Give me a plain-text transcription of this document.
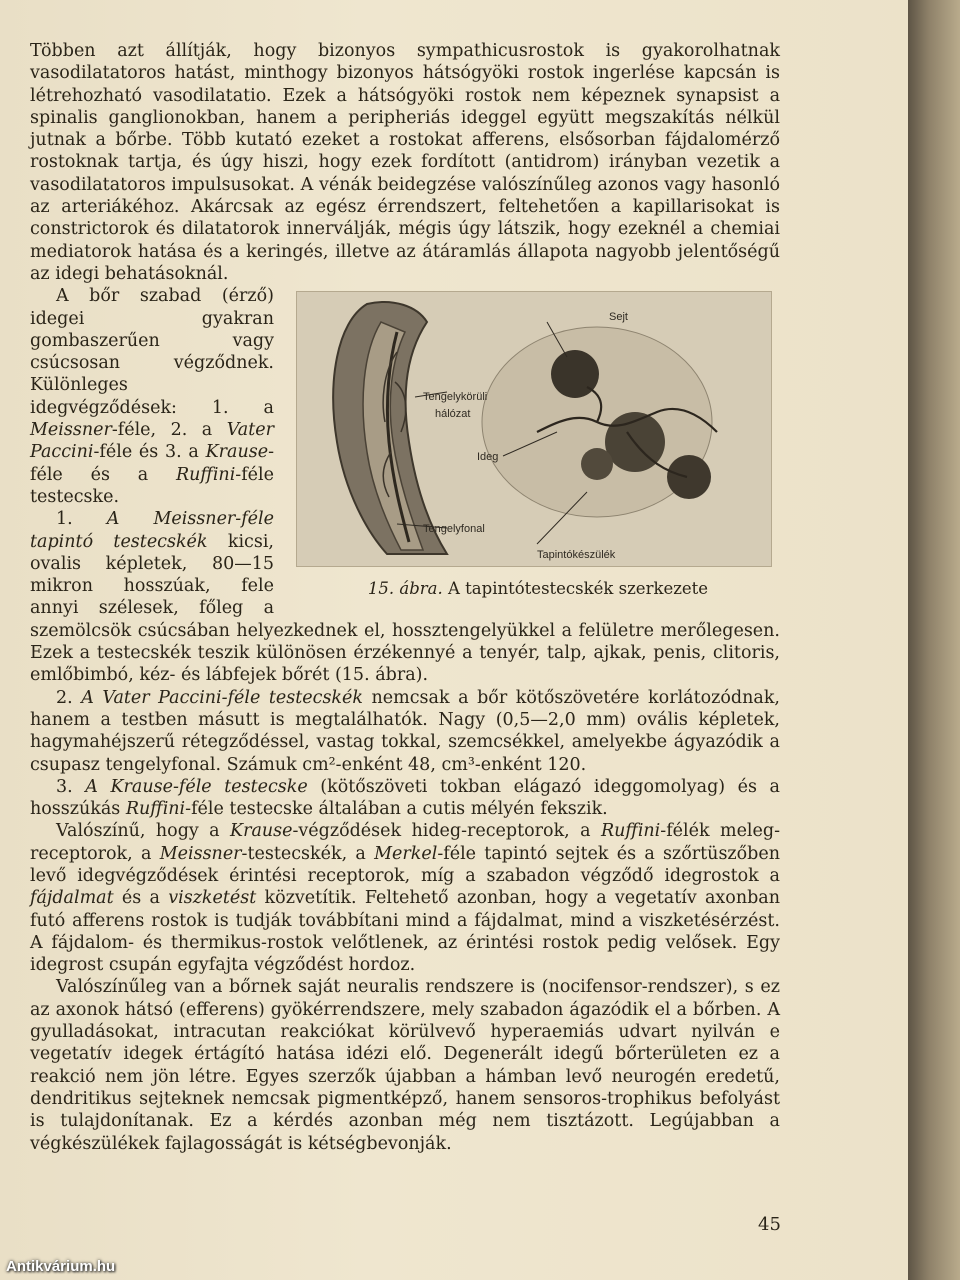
Többen azt állítják, hogy bizonyos sympathicusrostok is gyakorolhatnak vasodilatatoros hatást, minthogy bizonyos hátsógyöki rostok ingerlése kapcsán is létrehozható vasodilatatio. Ezek a hátsógyöki rostok nem képeznek synapsist a spinalis ganglionokban, hanem a peripheriás ideggel együtt megszakítás nélkül jutnak a bőrbe. Több kutató ezeket a rostokat afferens, elsősorban fájdalomérző rostoknak tartja, és úgy hiszi, hogy ezek fordított (antidrom) irányban vezetik a vasodilatatoros impulsusokat. A vénák beidegzése valószínűleg azonos vagy hasonló az arteriákéhoz. Akárcsak az egész érrendszert, feltehetően a kapillarisokat is constrictorok és dilatatorok innerválják, mégis úgy látszik, hogy ezeknél a chemiai mediatorok hatása és a keringés, illetve az átáramlás állapota nagyobb jelentőségű az idegi behatásoknál.

Sejt
Tengelykörüli
hálózat
Ideg
Tengelyfonal
Tapintókészülék
15. ábra. A tapintótestecskék szerkezete

A bőr szabad (érző) idegei gyakran gombaszerűen vagy csúcsosan végződnek. Különleges idegvégződések: 1. a Meissner-féle, 2. a Vater Paccini-féle és 3. a Krause-féle és a Ruffini-féle testecske.

1. A Meissner-féle tapintó testecskék kicsi, ovalis képletek, 80—15 mikron hosszúak, fele annyi szélesek, főleg a szemölcsök csúcsában helyezkednek el, hossztengelyükkel a felületre merőlegesen. Ezek a testecskék teszik különösen érzékennyé a tenyér, talp, ajkak, penis, clitoris, emlőbimbó, kéz- és lábfejek bőrét (15. ábra).

2. A Vater Paccini-féle testecskék nemcsak a bőr kötőszövetére korlátozódnak, hanem a testben másutt is megtalálhatók. Nagy (0,5—2,0 mm) ovális képletek, hagymahéjszerű rétegződéssel, vastag tokkal, szemcsékkel, amelyekbe ágyazódik a csupasz tengelyfonal. Számuk cm²-enként 48, cm³-enként 120.

3. A Krause-féle testecske (kötőszöveti tokban elágazó ideggomolyag) és a hosszúkás Ruffini-féle testecske általában a cutis mélyén fekszik.

Valószínű, hogy a Krause-végződések hideg-receptorok, a Ruffini-félék meleg-receptorok, a Meissner-testecskék, a Merkel-féle tapintó sejtek és a szőrtüszőben levő idegvégződések érintési receptorok, míg a szabadon végződő idegrostok a fájdalmat és a viszketést közvetítik. Feltehető azonban, hogy a vegetatív axonban futó afferens rostok is tudják továbbítani mind a fájdalmat, mind a viszketésérzést. A fájdalom- és thermikus-rostok velőtlenek, az érintési rostok pedig velősek. Egy idegrost csupán egyfajta végződést hordoz.

Valószínűleg van a bőrnek saját neuralis rendszere is (nocifensor-rendszer), s ez az axonok hátsó (efferens) gyökérrendszere, mely szabadon ágazódik el a bőrben. A gyulladásokat, intracutan reakciókat körülvevő hyperaemiás udvart nyilván e vegetatív idegek értágító hatása idézi elő. Degenerált idegű bőrterületen ez a reakció nem jön létre. Egyes szerzők újabban a hámban levő neurogén eredetű, dendritikus sejteknek nemcsak pigmentképző, hanem sensoros-trophikus befolyást is tulajdonítanak. Ez a kérdés azonban még nem tisztázott. Legújabban a végkészülékek fajlagosságát is kétségbevonják.

45
Antikvárium.hu
